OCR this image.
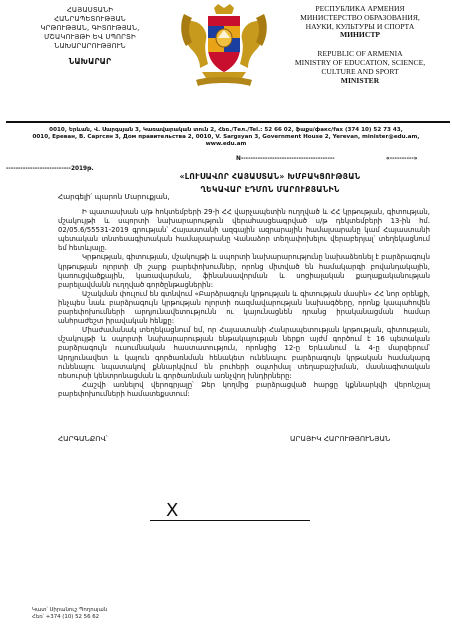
ՀԱՅԱՍՏԱՆԻ
ՀԱՆՐԱՊԵՏՈՒԹՅԱՆ
ԿՐԹՈՒԹՅԱՆ, ԳԻՏՈՒԹՅԱՆ,
ՄՇԱԿՈՒՅԹԻ ԵՎ ՍՊՈՐՏԻ
ՆԱԽԱՐԱՐՈՒԹՅՈՒՆ
ՆԱԽԱՐԱՐ
РЕСПУБЛИКА АРМЕНИЯ
МИНИСТЕРСТВО ОБРАЗОВАНИЯ,
НАУКИ, КУЛЬТУРЫ И СПОРТА
МИНИСТР
REPUBLIC OF ARMENIA
MINISTRY OF EDUCATION, SCIENCE,
CULTURE AND SPORT
MINISTER
0010, Երևան, Վ. Սարգսյան 3, Կառավարական տուն 2, Հեռ./Тел./Tel.: 52 66 02, ֆաքս/факс/fax (374 10) 52 73 43,
0010, Ереван, В. Саргсян 3, Дом правительства 2, 0010, V. Sargsyan 3, Government House 2, Yerevan, minister@edu.am,
www.edu.am
N---------------------------------------	«----------»
---------------------------2019թ.
«ԼՈՒՍԱՎՈՐ ՀԱՅԱՍՏԱՆ» ԽՄԲԱԿՑՈՒԹՅԱՆ
ՂԵԿԱՎԱՐ ԷԴՄՈՆ ՄԱՐՈՒՔՅԱՆԻՆ
Հարգելի՛ պարոն Մարուքյան,

Ի պատասխան ս/թ հոկտեմբերի 29-ի ՀՀ վարչապետին ուղղված և ՀՀ կրթության, գիտության, մշակույթի և սպորտի նախարարություն վերահասցեագրված ս/թ դեկտեմբերի 13-ին հմ. 02/05.6/55531-2019 գրության՝ Հայաստանի ազգային ազրարային համալսարանը կամ Հայաստանի պետական տնտեսագիտական համալսարանը Վանաձոր տեղափոխելու վերաբերյալ՝ տեղեկացնում եմ հետևյալը.

Կրթության, գիտության, մշակույթի և սպորտի նախարարությունը նախաձեռնել է բարձրագույն կրթության ոլորտի մի շարք բարեփոխումներ, որոնց միտված են համակարգի բովանդակային, կառուցվածքային, կառավարման, ֆինանսավորման և սոցիալական քաղաքականության բարելավմանն ուղղված գործընթացներին:

Աշակման փուլում են գտնվում «Բարձրագույն կրթության և գիտության մասին» ՀՀ նոր օրենքի, ինչպես նաև բարձրագույն կրթության ոլորտի ռազմավարության նախագծերը, որոնք կապահովեն բարեփոխումների արդյունավետությունն ու կայունացնեն դրանց իրականացման համար անհրաժեշտ իրավական հենքը:

Միաժամանակ տեղեկացնում եմ, որ Հայաստանի Հանրապետության կրթության, գիտության, մշակույթի և սպորտի նախարարության ենթակայության ներքո այժմ գործում է 16 պետական բարձրագույն ուսումնական հաստատություն, որոնցից 12-ը Երևանում և 4-ը մարզերում՝ Արդյունավետ և կայուն գործառնման հենակետ ունենալու բարձրագույն կրթական համակարգ ունենալու նպատակով քննարկվում են բուհերի օպտիմալ տեղաբաշխման, մասնագիտական ռեսուրսի կենտրոնացման և գործառնման առնչվող խնդիրները:

Հաշվի առնելով վերոգրյալը՝ Ձեր կողմից բարձրացված հարցը կքննարկվի վերոնշյալ բարեփոխումների համատեքստում:

ՀԱՐԳԱՆՔՈՎ՝	ԱՐԱՅԻԿ ՀԱՐՈՒԹՅՈՒՆՅԱՆ
X
Կատ՝ Սիրանուշ Պողոսյան
Հեռ՝ +374 (10) 52 56 62
